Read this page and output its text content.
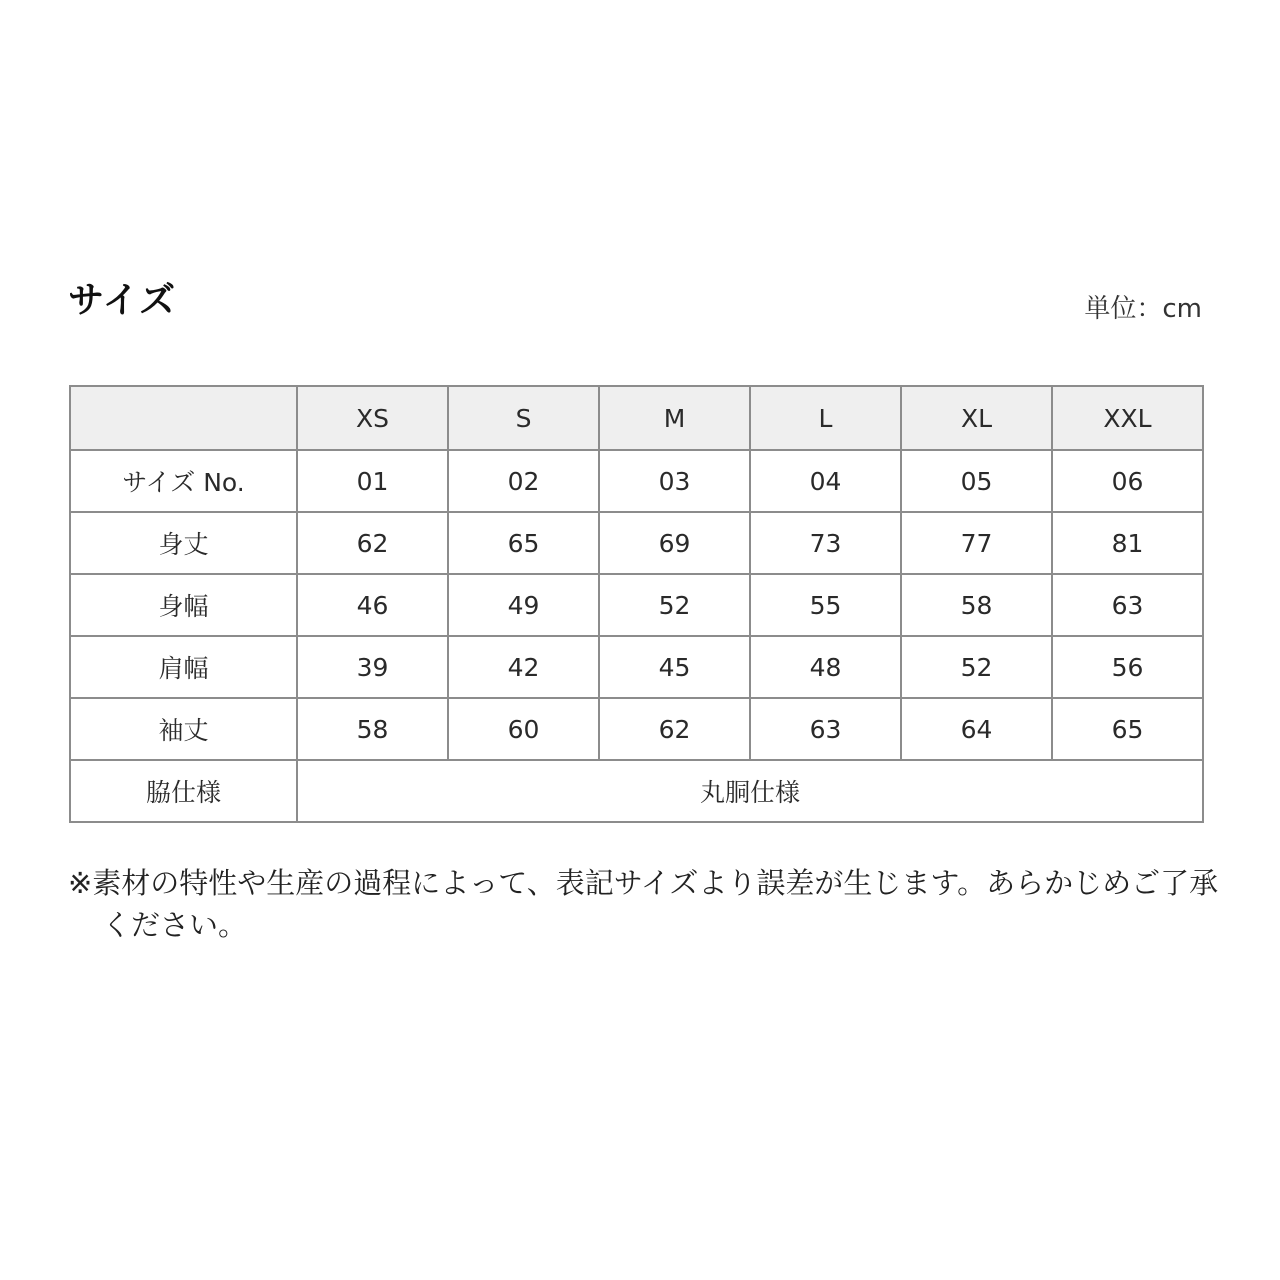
サイズ	単位：cm
	XS	S	M	L	XL	XXL
サイズ No.	01	02	03	04	05	06
身丈	62	65	69	73	77	81
身幅	46	49	52	55	58	63
肩幅	39	42	45	48	52	56
袖丈	58	60	62	63	64	65
脇仕様	丸胴仕様					
※素材の特性や生産の過程によって、表記サイズより誤差が生じます。あらかじめご了承ください。
